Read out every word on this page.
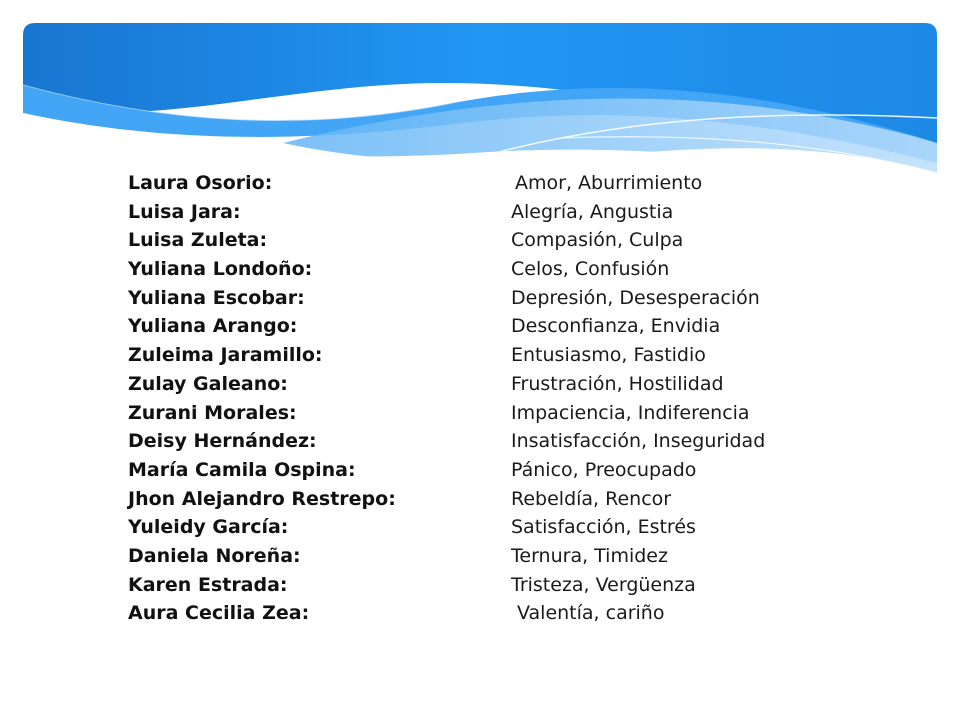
Laura Osorio:	Amor, Aburrimiento
Luisa Jara:	Alegría, Angustia
Luisa Zuleta:	Compasión, Culpa
Yuliana Londoño:	Celos, Confusión
Yuliana Escobar:	Depresión, Desesperación
Yuliana Arango:	Desconfianza, Envidia
Zuleima Jaramillo:	Entusiasmo, Fastidio
Zulay Galeano:	Frustración, Hostilidad
Zurani Morales:	Impaciencia, Indiferencia
Deisy Hernández:	Insatisfacción, Inseguridad
María Camila Ospina:	Pánico, Preocupado
Jhon Alejandro Restrepo:	Rebeldía, Rencor
Yuleidy García:	Satisfacción, Estrés
Daniela Noreña:	Ternura, Timidez
Karen Estrada:	Tristeza, Vergüenza
Aura Cecilia Zea:	Valentía, cariño
